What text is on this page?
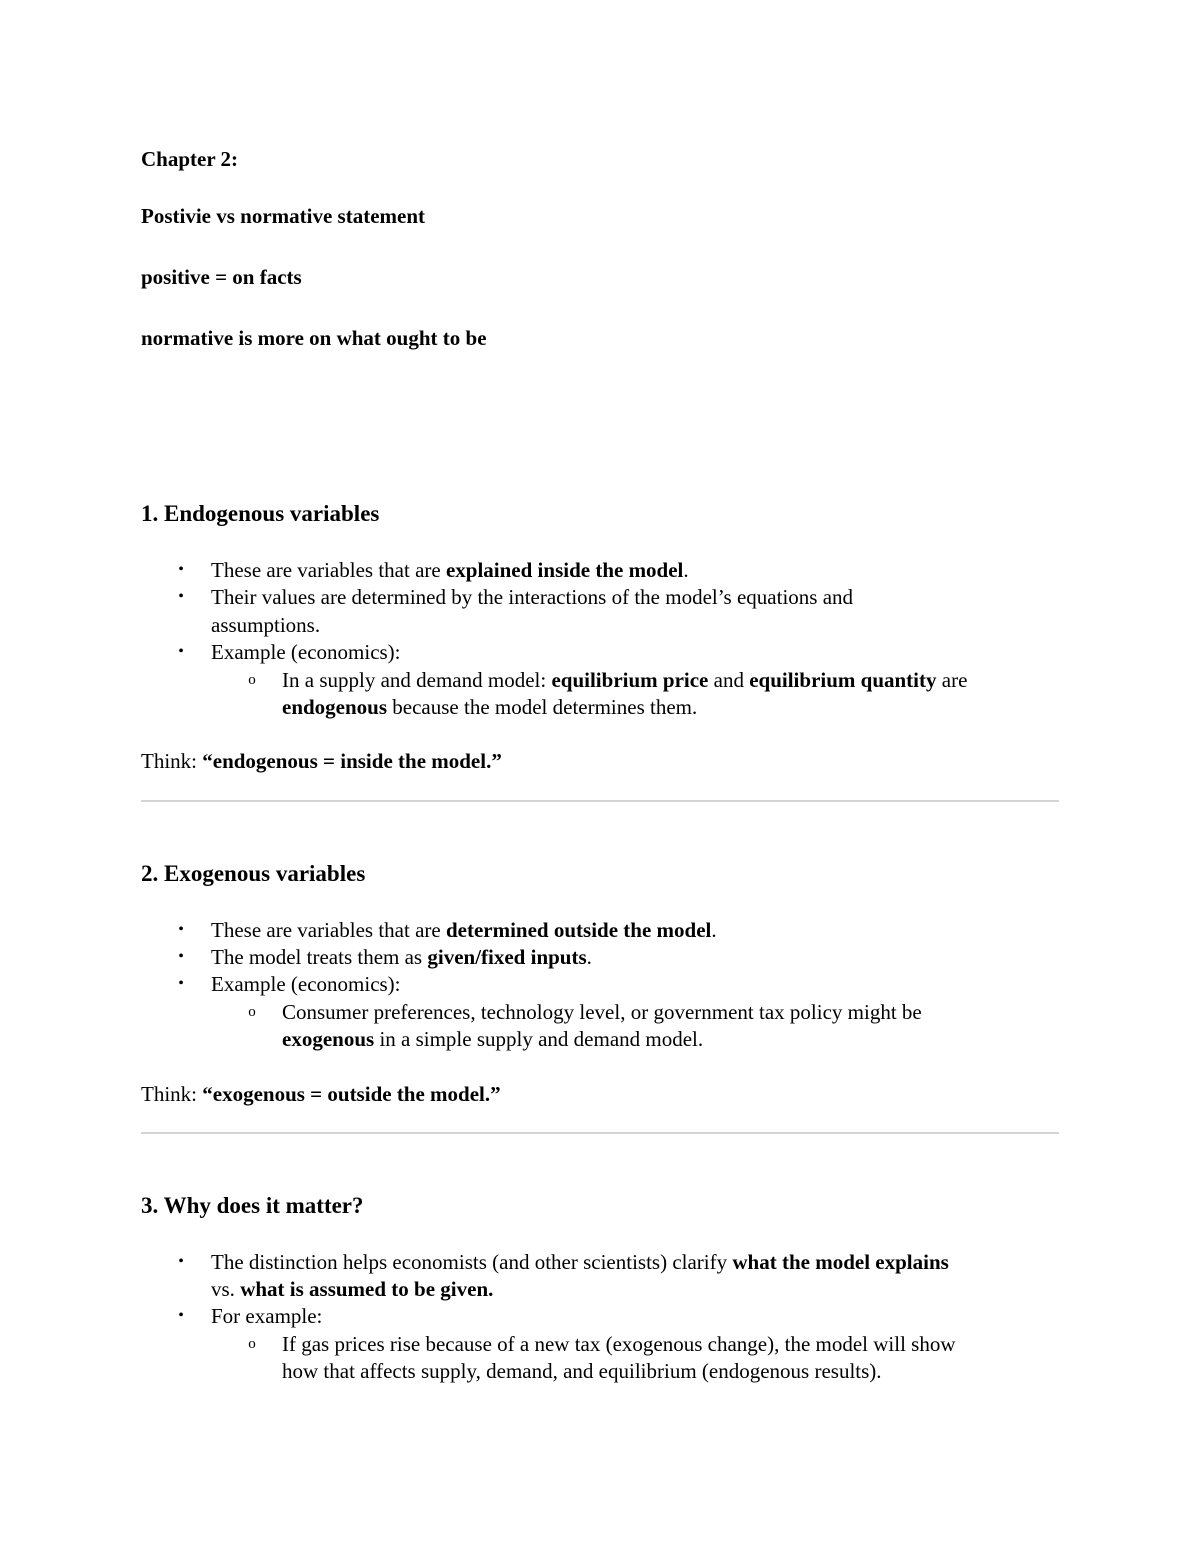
Chapter 2:
Postivie vs normative statement
positive = on facts
normative is more on what ought to be
1. Endogenous variables
• These are variables that are explained inside the model.
• Their values are determined by the interactions of the model’s equations and
assumptions.
• Example (economics):
o In a supply and demand model: equilibrium price and equilibrium quantity are
endogenous because the model determines them.
Think: “endogenous = inside the model.”
2. Exogenous variables
• These are variables that are determined outside the model.
• The model treats them as given/fixed inputs.
• Example (economics):
o Consumer preferences, technology level, or government tax policy might be
exogenous in a simple supply and demand model.
Think: “exogenous = outside the model.”
3. Why does it matter?
• The distinction helps economists (and other scientists) clarify what the model explains
vs. what is assumed to be given.
• For example:
o If gas prices rise because of a new tax (exogenous change), the model will show
how that affects supply, demand, and equilibrium (endogenous results).
